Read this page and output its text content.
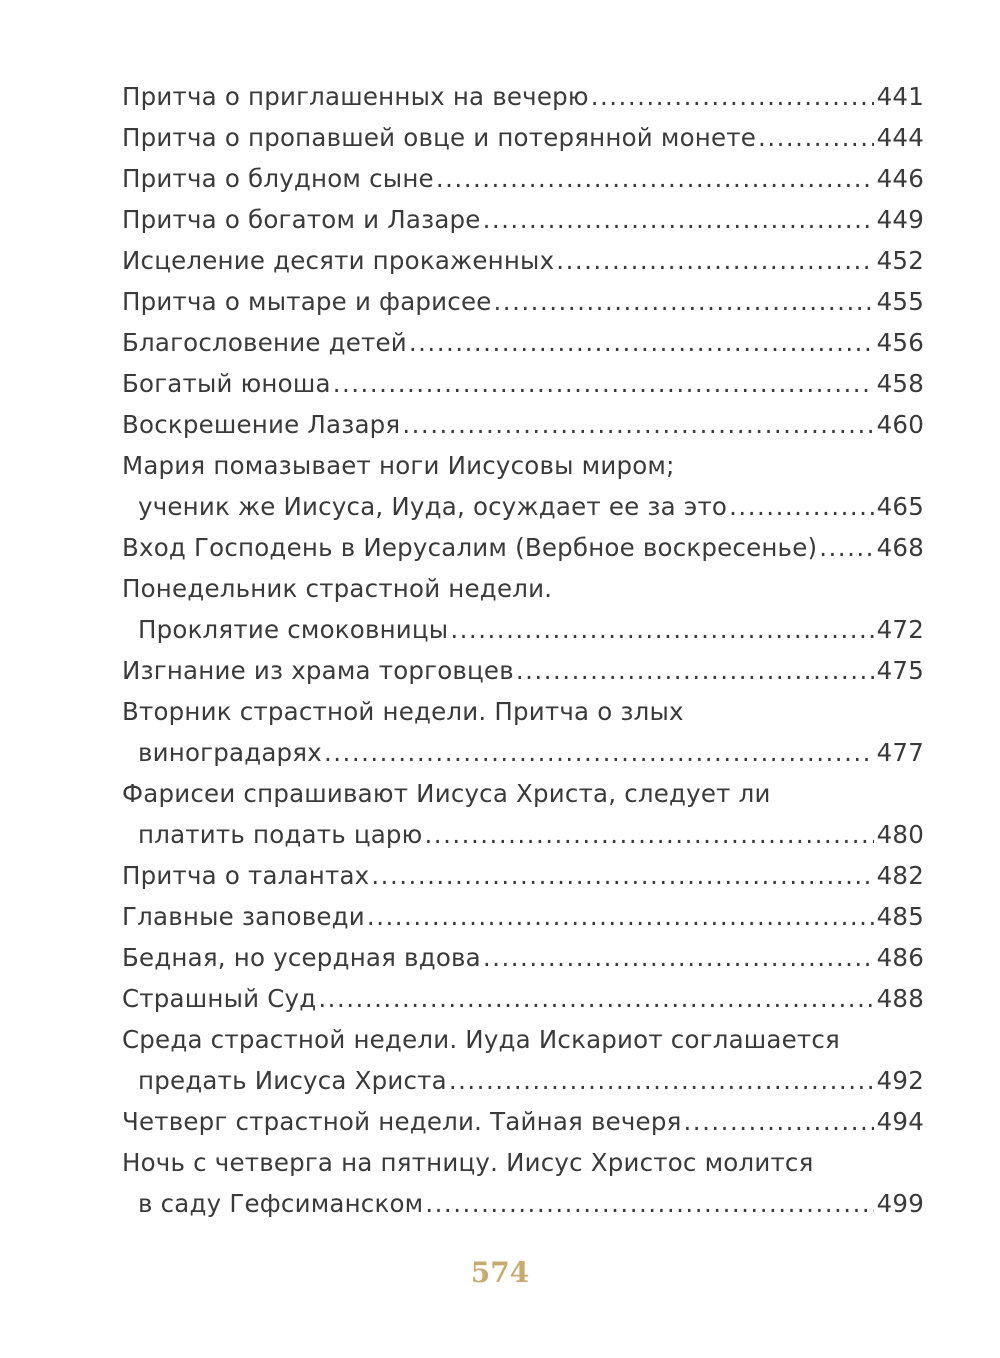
Притча о приглашенных на вечерю .....	441
Притча о пропавшей овце и потерянной монете .....	444
Притча о блудном сыне .....	446
Притча о богатом и Лазаре .....	449
Исцеление десяти прокаженных .....	452
Притча о мытаре и фарисее .....	455
Благословение детей .....	456
Богатый юноша .....	458
Воскрешение Лазаря .....	460
Мария помазывает ноги Иисусовы миром;
ученик же Иисуса, Иуда, осуждает ее за это .....	465
Вход Господень в Иерусалим (Вербное воскресенье) ..... 468
Понедельник страстной недели.
Проклятие смоковницы .....	472
Изгнание из храма торговцев .....	475
Вторник страстной недели. Притча о злых
виноградарях .....	477
Фарисеи спрашивают Иисуса Христа, следует ли
платить подать царю .....	480
Притча о талантах .....	482
Главные заповеди .....	485
Бедная, но усердная вдова .....	486
Страшный Суд .....	488
Среда страстной недели. Иуда Искариот соглашается
предать Иисуса Христа .....	492
Четверг страстной недели. Тайная вечеря .....	494
Ночь с четверга на пятницу. Иисус Христос молится
в саду Гефсиманском .....	499
574
